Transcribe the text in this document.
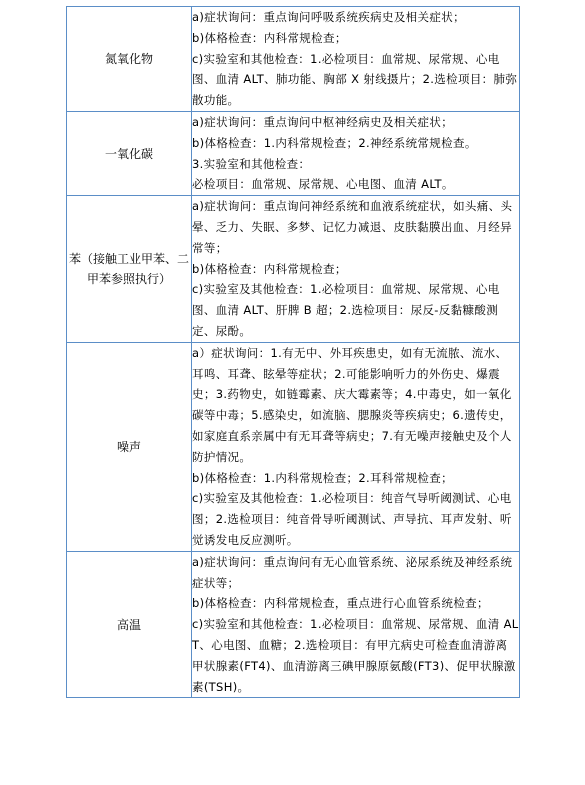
氮氧化物	a)症状询问：重点询问呼吸系统疾病史及相关症状；
b)体格检查：内科常规检查；
c)实验室和其他检查：1.必检项目：血常规、尿常规、心电图、血清 ALT、肺功能、胸部 X 射线摄片；2.选检项目：肺弥散功能。

一氧化碳	a)症状询问：重点询问中枢神经病史及相关症状；
b)体格检查：1.内科常规检查；2.神经系统常规检查。
3.实验室和其他检查：
必检项目：血常规、尿常规、心电图、血清 ALT。

苯（接触工业甲苯、二甲苯参照执行）	a)症状询问：重点询问神经系统和血液系统症状，如头痛、头晕、乏力、失眠、多梦、记忆力减退、皮肤黏膜出血、月经异常等；
b)体格检查：内科常规检查；
c)实验室及其他检查：1.必检项目：血常规、尿常规、心电图、血清 ALT、肝脾 B 超；2.选检项目：尿反-反黏糠酸测定、尿酚。

噪声	a）症状询问：1.有无中、外耳疾患史，如有无流脓、流水、耳鸣、耳聋、眩晕等症状；2.可能影响听力的外伤史、爆震史；3.药物史，如链霉素、庆大霉素等；4.中毒史，如一氧化碳等中毒；5.感染史，如流脑、腮腺炎等疾病史；6.遗传史，如家庭直系亲属中有无耳聋等病史；7.有无噪声接触史及个人防护情况。
b)体格检查：1.内科常规检查；2.耳科常规检查；
c)实验室及其他检查：1.必检项目：纯音气导听阈测试、心电图；2.选检项目：纯音骨导听阈测试、声导抗、耳声发射、听觉诱发电反应测听。

高温	a)症状询问：重点询问有无心血管系统、泌尿系统及神经系统症状等；
b)体格检查：内科常规检查，重点进行心血管系统检查；
c)实验室和其他检查：1.必检项目：血常规、尿常规、血清 ALT、心电图、血糖；2.选检项目：有甲亢病史可检查血清游离甲状腺素(FT4)、血清游离三碘甲腺原氨酸(FT3)、促甲状腺激素(TSH)。
